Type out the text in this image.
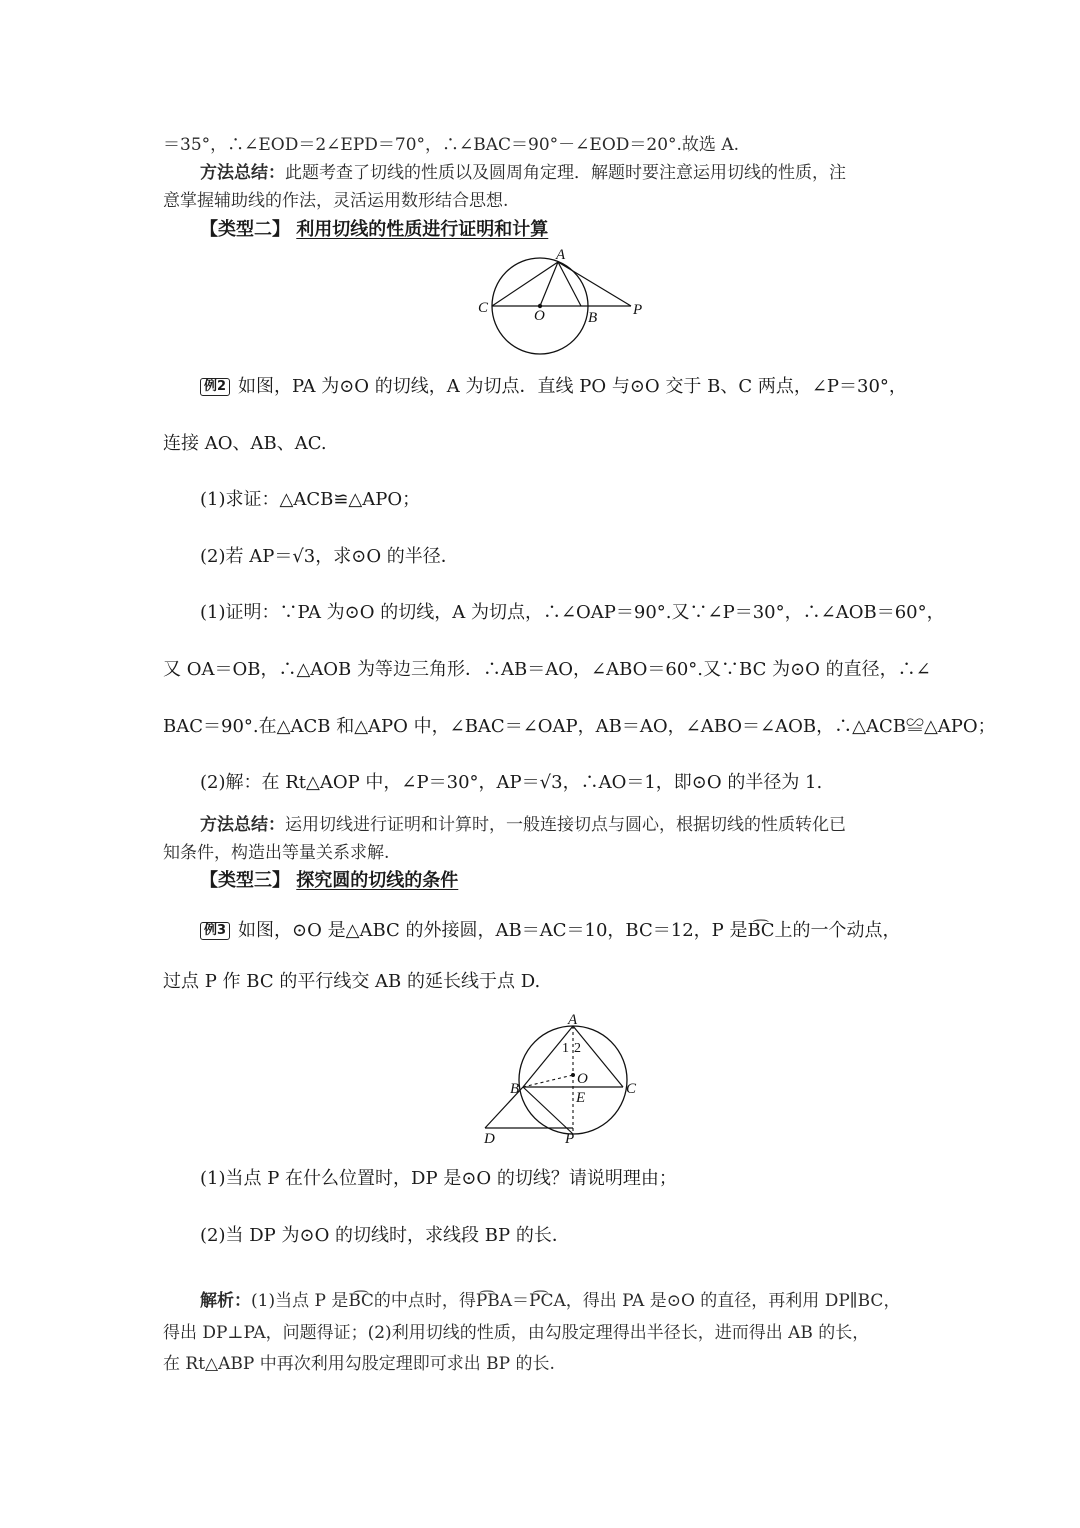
＝35°，∴∠EOD＝2∠EPD＝70°，∴∠BAC＝90°－∠EOD＝20°.故选 A.
方法总结：此题考查了切线的性质以及圆周角定理．解题时要注意运用切线的性质，注
意掌握辅助线的作法，灵活运用数形结合思想.
【类型二】 利用切线的性质进行证明和计算
A
C	O	B P
例2 如图，PA 为⊙O 的切线，A 为切点．直线 PO 与⊙O 交于 B、C 两点，∠P＝30°，
连接 AO、AB、AC.
(1)求证：△ACB≌△APO；
(2)若 AP＝√3，求⊙O 的半径．
(1)证明：∵PA 为⊙O 的切线，A 为切点，∴∠OAP＝90°.又∵∠P＝30°，∴∠AOB＝60°，
又 OA＝OB，∴△AOB 为等边三角形．∴AB＝AO，∠ABO＝60°.又∵BC 为⊙O 的直径，∴∠
BAC＝90°.在△ACB 和△APO 中，∠BAC＝∠OAP，AB＝AO，∠ABO＝∠AOB，∴△ACB≌△APO；
(2)解：在 Rt△AOP 中，∠P＝30°，AP＝√3，∴AO＝1，即⊙O 的半径为 1.
方法总结：运用切线进行证明和计算时，一般连接切点与圆心，根据切线的性质转化已
知条件，构造出等量关系求解.
【类型三】 探究圆的切线的条件
例3 如图，⊙O 是△ABC 的外接圆，AB＝AC＝10，BC＝12，P 是B͡C上的一个动点，
过点 P 作 BC 的平行线交 AB 的延长线于点 D.
A
1 2
O
B	C
E
D	P
(1)当点 P 在什么位置时，DP 是⊙O 的切线？请说明理由；
(2)当 DP 为⊙O 的切线时，求线段 BP 的长．
解析：(1)当点 P 是B͡C的中点时，得P͡BA＝P͡CA，得出 PA 是⊙O 的直径，再利用 DP∥BC，
得出 DP⊥PA，问题得证；(2)利用切线的性质，由勾股定理得出半径长，进而得出 AB 的长，
在 Rt△ABP 中再次利用勾股定理即可求出 BP 的长.
